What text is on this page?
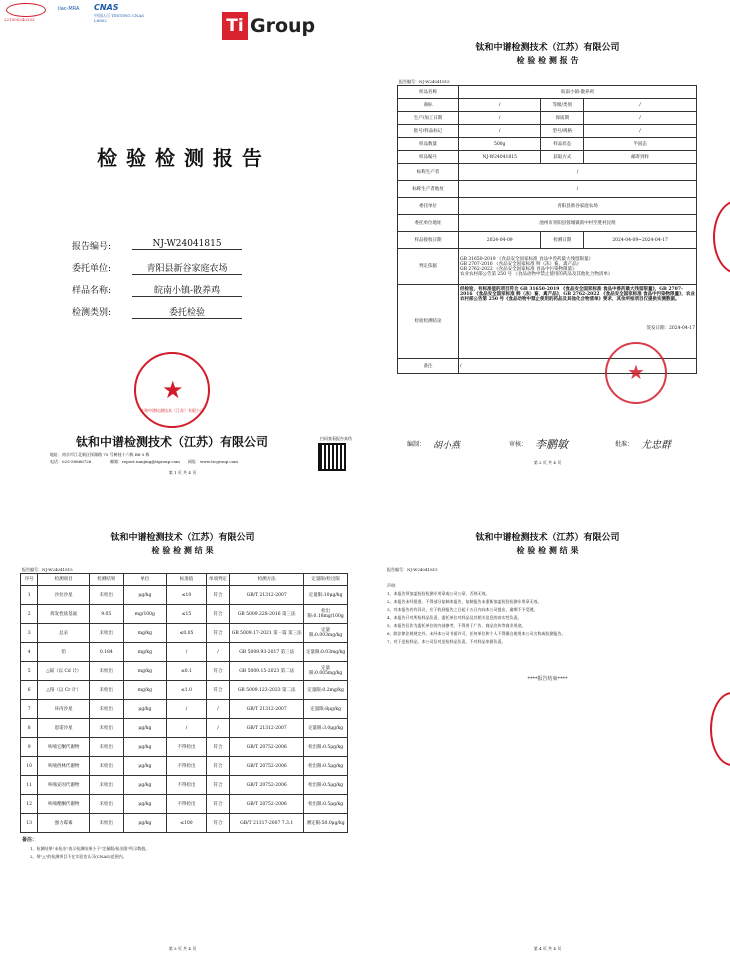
221000340153
ilac-MRA CNAS
中国认可 TESTING CNAS L8802	Ti Group
检 验 检 测 报 告
报告编号:	NJ-W24041815
委托单位:	青阳县新谷家庭农场
样品名称:	皖南小镇-散养鸡
检测类别:	委托检验
★
钛和中谱检测技术（江苏）有限公司
钛和中谱检测技术（江苏）有限公司
地址：南京市江北新区探湖路 75 号树桂十六栋 B8-3 栋
电话：025-58866726	邮箱：report.nanjing@tigroup.com 网址：www.ticgroup.com
扫码查看报告真伪
第 1 页 共 4 页
钛和中谱检测技术（江苏）有限公司
检 验 检 测 报 告
报告编号：NJ-W24041815
样品名称	皖南小镇-散养鸡		
商标	/	等级/类别	/
生产/加工日期	/	保质期	/
批号/样品标记	/	型号/规格	/
样品数量	500g	样品状态	半固态
样品编号	NJ-W24041815	获取方式	邮寄到样
标称生产者	/		
标称生产者地址	/		
委托单位	青阳县新谷家庭农场		
委托单位地址	池州市青阳县蓉城镇新中村至胜村民组		
样品接收日期	2024-04-09	检测日期	2024-04-09~2024-04-17
判定依据	GB 31650-2019 《食品安全国家标准 食品中兽药最大残留限量》
GB 2707-2016 《食品安全国家标准 鲜（冻）畜、禽产品》
GB 2762-2022 《食品安全国家标准 食品中污染物限量》
农业农村部公告第 250 号 《食品动物中禁止使用的药品及其他化合物清单》		

检验检测结论	经检验，有标准值的项目符合 GB 31650-2019 《食品安全国家标准 食品中兽药最大残留限量》，GB 2707-2016 《食品安全国家标准 鲜（冻）畜、禽产品》，GB 2762-2022 《食品安全国家标准 食品中污染物限量》，农业农村部公告第 250 号《食品动物中禁止使用的药品及其他化合物清单》要求，其余所检项目仅提供实测数据。
签发日期：2024-04-17		

备注	/			★
编制： 胡小燕	审核： 李鹏敏	批准： 尤忠群
第 2 页 共 4 页
钛和中谱检测技术（江苏）有限公司
检 验 检 测 结 果
报告编号：NJ-W24041815
序号	检测项目	检测结果	单位	标准值	单项判定	检测方法	定量限/检出限
1	沙拉沙星	未检出	μg/kg	≤10	符合	GB/T 21312-2007	定量限:10μg/kg
2	挥发性盐基氮	9.05	mg/100g	≤15	符合	GB 5009.228-2016 第三法	检出限:0.18mg/100g
3	总汞	未检出	mg/kg	≤0.05	符合	GB 5009.17-2021 第一篇 第三法	定量限:0.003mg/kg
4	铅	0.184	mg/kg	/	/	GB 5009.93-2017 第三法	定量限:0.03mg/kg
5	△镉（以 Cd 计）	未检出	mg/kg	≤0.1	符合	GB 5009.15-2023 第二法	定量限:0.005mg/kg
6	△铬（以 Cr 计）	未检出	mg/kg	≤1.0	符合	GB 5009.123-2023 第二法	定量限:0.2mg/kg
7	环丙沙星	未检出	μg/kg	/	/	GB/T 21312-2007	定量限:8μg/kg
8	恩诺沙星	未检出	μg/kg	/	/	GB/T 21312-2007	定量限:3.0μg/kg
9	呋喃它酮代谢物	未检出	μg/kg	不得检出	符合	GB/T 20752-2006	检出限:0.5μg/kg
10	呋喃西林代谢物	未检出	μg/kg	不得检出	符合	GB/T 20752-2006	检出限:0.5μg/kg
11	呋喃妥因代谢物	未检出	μg/kg	不得检出	符合	GB/T 20752-2006	检出限:0.5μg/kg
12	呋喃唑酮代谢物	未检出	μg/kg	不得检出	符合	GB/T 20752-2006	检出限:0.5μg/kg
13	强力霉素	未检出	μg/kg	≤100	符合	GB/T 21317-2007 7.3.1	测定限:50.0μg/kg
备注：
1、检测结果"未检出"表示检测结果小于"定量限/检出限"所示数值。
2、带"△"的检测项目不在实验室认可(CNAS)范围内。
第 3 页 共 4 页
钛和中谱检测技术（江苏）有限公司
检 验 检 测 结 果
报告编号：NJ-W24041815
声明：
1、本报告须加盖检验检测专用章或公司公章，否则无效。
2、本报告未经批准，不得部分复制本报告，复制报告未重新加盖检验检测专用章无效。
3、对本报告若有异议，应于收到报告之日起十五日内向本公司提出，逾期不予受理。
4、本报告只对所检样品负责，委托单位对样品及其相关信息的真实性负责。
5、本报告仅作为委托单位的内部参考，不得用于广告、商品宣传等商业用途。
6、除法律法规规定外，未经本公司书面许可，任何单位和个人不得擅自使用本公司名称或检测报告。
7、对于送检样品，本公司仅对送检样品负责，不对样品来源负责。
****报告结束****
第 4 页 共 4 页
